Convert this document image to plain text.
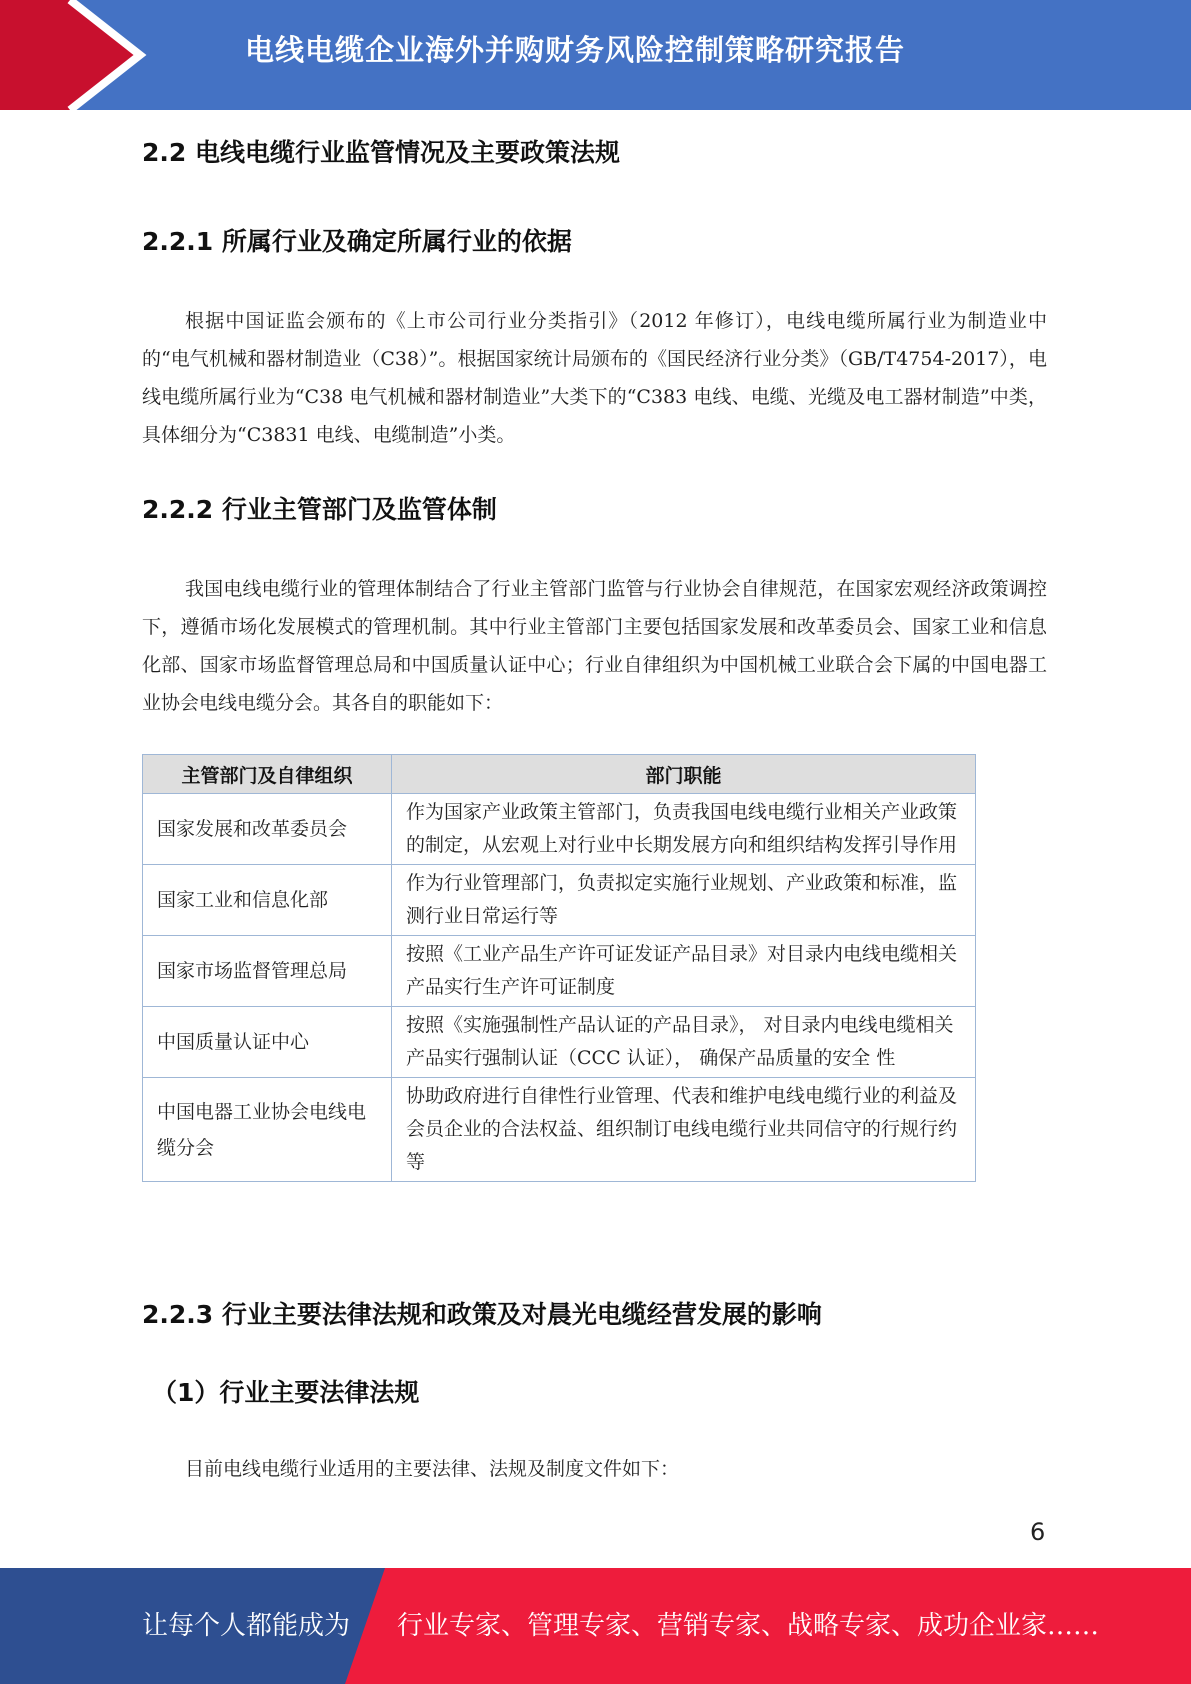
电线电缆企业海外并购财务风险控制策略研究报告
2.2 电线电缆行业监管情况及主要政策法规
2.2.1 所属行业及确定所属行业的依据
根据中国证监会颁布的《上市公司行业分类指引》（2012 年修订），电线电缆所属行业为制造业中的“电气机械和器材制造业（C38）”。根据国家统计局颁布的《国民经济行业分类》（GB/T4754-2017），电线电缆所属行业为“C38 电气机械和器材制造业”大类下的“C383 电线、电缆、光缆及电工器材制造”中类，具体细分为“C3831 电线、电缆制造”小类。
2.2.2 行业主管部门及监管体制
我国电线电缆行业的管理体制结合了行业主管部门监管与行业协会自律规范，在国家宏观经济政策调控下，遵循市场化发展模式的管理机制。其中行业主管部门主要包括国家发展和改革委员会、国家工业和信息化部、国家市场监督管理总局和中国质量认证中心；行业自律组织为中国机械工业联合会下属的中国电器工业协会电线电缆分会。其各自的职能如下：
主管部门及自律组织	部门职能
国家发展和改革委员会	作为国家产业政策主管部门，负责我国电线电缆行业相关产业政策的制定，从宏观上对行业中长期发展方向和组织结构发挥引导作用
国家工业和信息化部	作为行业管理部门，负责拟定实施行业规划、产业政策和标准，监测行业日常运行等
国家市场监督管理总局	按照《工业产品生产许可证发证产品目录》对目录内电线电缆相关产品实行生产许可证制度
中国质量认证中心	按照《实施强制性产品认证的产品目录》， 对目录内电线电缆相关产品实行强制认证（CCC 认证）， 确保产品质量的安全 性
中国电器工业协会电线电缆分会	协助政府进行自律性行业管理、代表和维护电线电缆行业的利益及会员企业的合法权益、组织制订电线电缆行业共同信守的行规行约等
2.2.3 行业主要法律法规和政策及对晨光电缆经营发展的影响
（1）行业主要法律法规
目前电线电缆行业适用的主要法律、法规及制度文件如下：
6
让每个人都能成为 行业专家、管理专家、营销专家、战略专家、成功企业家……
